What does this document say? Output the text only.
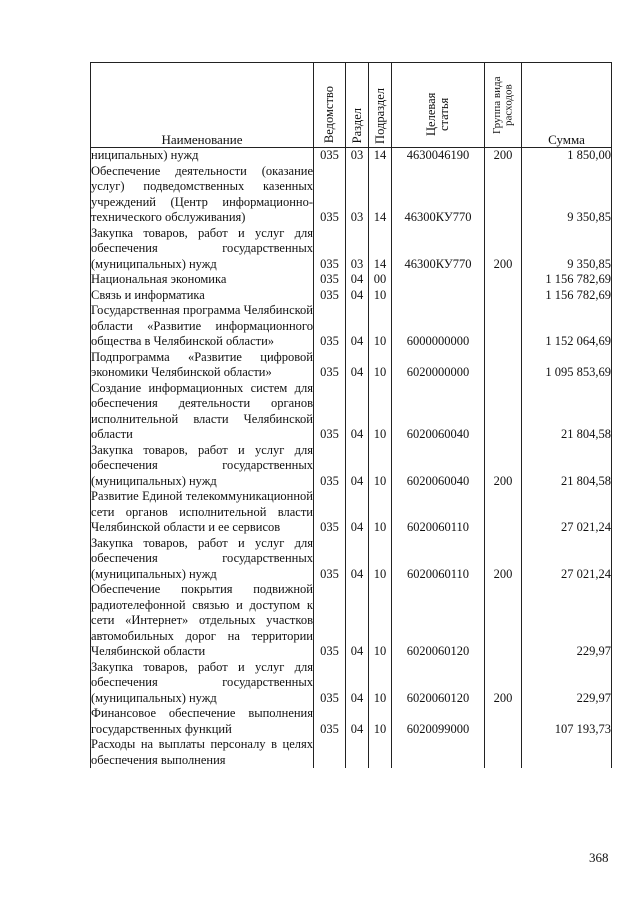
Наименование	Ведомство	Раздел	Подраздел	Целевая статья	Группа вида расходов	Сумма
ниципальных) нужд	035	03	14	4630046190	200	1 850,00
Обеспечение деятельности (оказание услуг) подведомственных казенных учреждений (Центр информационно-технического обслуживания)	035	03	14	46300КУ770		9 350,85
Закупка товаров, работ и услуг для обеспечения государственных (муниципальных) нужд	035	03	14	46300КУ770	200	9 350,85
Национальная экономика	035	04	00			1 156 782,69
Связь и информатика	035	04	10			1 156 782,69
Государственная программа Челябинской области «Развитие информационного общества в Челябинской области»	035	04	10	6000000000		1 152 064,69
Подпрограмма «Развитие цифровой экономики Челябинской области»	035	04	10	6020000000		1 095 853,69
Создание информационных систем для обеспечения деятельности органов исполнительной власти Челябинской области	035	04	10	6020060040		21 804,58
Закупка товаров, работ и услуг для обеспечения государственных (муниципальных) нужд	035	04	10	6020060040	200	21 804,58
Развитие Единой телекоммуникационной сети органов исполнительной власти Челябинской области и ее сервисов	035	04	10	6020060110		27 021,24
Закупка товаров, работ и услуг для обеспечения государственных (муниципальных) нужд	035	04	10	6020060110	200	27 021,24
Обеспечение покрытия подвижной радиотелефонной связью и доступом к сети «Интернет» отдельных участков автомобильных дорог на территории Челябинской области	035	04	10	6020060120		229,97
Закупка товаров, работ и услуг для обеспечения государственных (муниципальных) нужд	035	04	10	6020060120	200	229,97
Финансовое обеспечение выполнения государственных функций	035	04	10	6020099000		107 193,73
Расходы на выплаты персоналу в целях обеспечения выполнения						
368
